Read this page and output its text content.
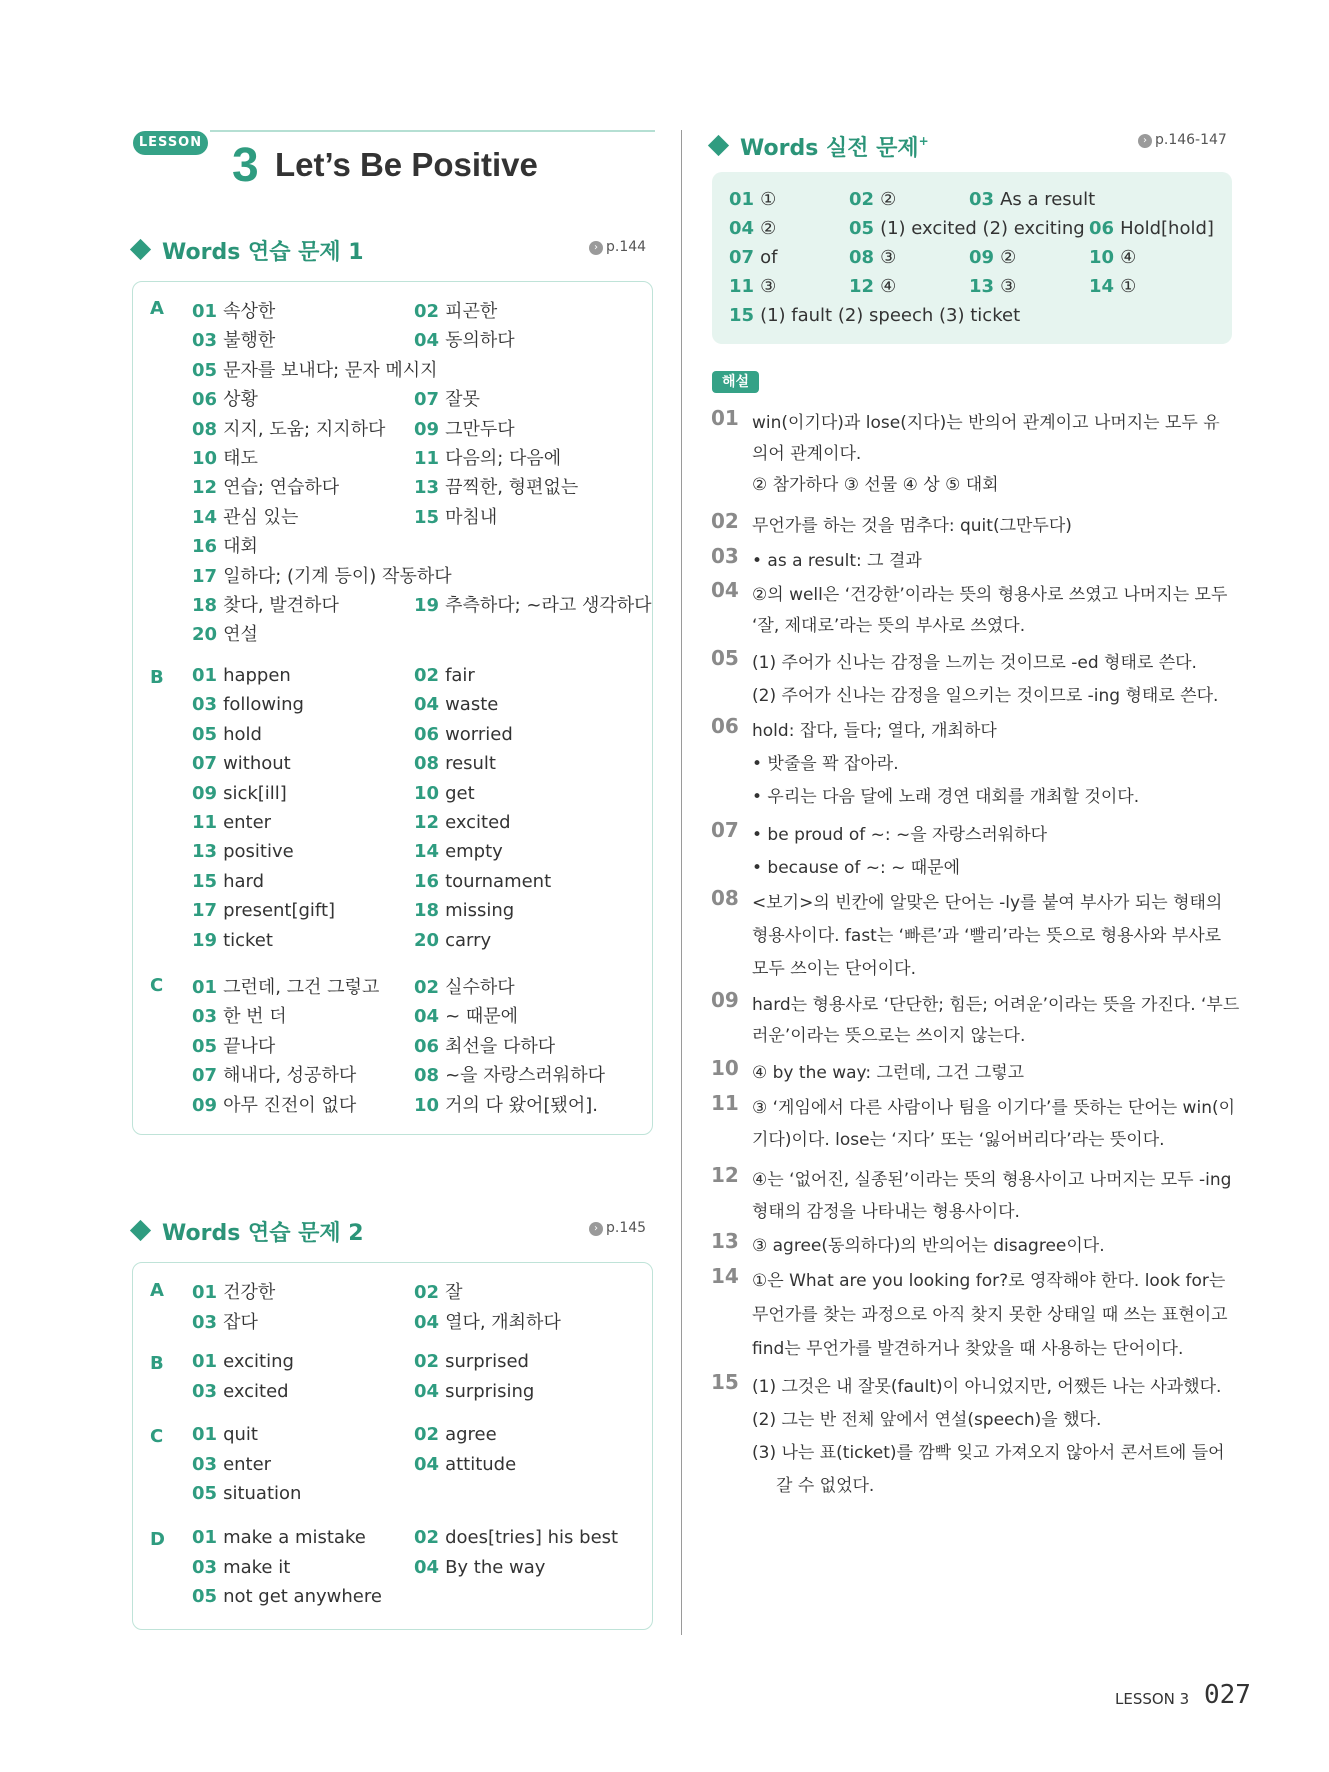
LESSON 3 Let’s Be Positive
Words 연습 문제 1	› p.144
A 01 속상한	02 피곤한
03 불행한	04 동의하다
05 문자를 보내다; 문자 메시지
06 상황	07 잘못
08 지지, 도움; 지지하다 09 그만두다
10 태도	11 다음의; 다음에
12 연습; 연습하다	13 끔찍한, 형편없는
14 관심 있는	15 마침내
16 대회
17 일하다; (기계 등이) 작동하다
18 찾다, 발견하다	19 추측하다; ~라고 생각하다
20 연설
B 01 happen	02 fair
03 following	04 waste
05 hold	06 worried
07 without	08 result
09 sick[ill]	10 get
11 enter	12 excited
13 positive	14 empty
15 hard	16 tournament
17 present[gift]	18 missing
19 ticket	20 carry
C 01 그런데, 그건 그렇고 02 실수하다
03 한 번 더	04 ~ 때문에
05 끝나다	06 최선을 다하다
07 해내다, 성공하다	08 ~을 자랑스러워하다
09 아무 진전이 없다	10 거의 다 왔어[됐어].
Words 연습 문제 2	› p.145
A 01 건강한	02 잘
03 잡다	04 열다, 개최하다
B 01 exciting	02 surprised
03 excited	04 surprising
C 01 quit	02 agree
03 enter	04 attitude
05 situation
D 01 make a mistake	02 does[tries] his best
03 make it	04 By the way
05 not get anywhere
Words 실전 문제+	› p.146-147
01 ①	02 ②	03 As a result
04 ②	05 (1) excited (2) exciting 06 Hold[hold]
07 of	08 ③	09 ②	10 ④
11 ③	12 ④	13 ③	14 ①
15 (1) fault (2) speech (3) ticket
해설
01 win(이기다)과 lose(지다)는 반의어 관계이고 나머지는 모두 유
의어 관계이다.
② 참가하다 ③ 선물 ④ 상 ⑤ 대회
02 무언가를 하는 것을 멈추다: quit(그만두다)
03 • as a result: 그 결과
04 ②의 well은 ‘건강한’이라는 뜻의 형용사로 쓰였고 나머지는 모두
‘잘, 제대로’라는 뜻의 부사로 쓰였다.
05 (1) 주어가 신나는 감정을 느끼는 것이므로 -ed 형태로 쓴다.
(2) 주어가 신나는 감정을 일으키는 것이므로 -ing 형태로 쓴다.
06 hold: 잡다, 들다; 열다, 개최하다
• 밧줄을 꽉 잡아라.
• 우리는 다음 달에 노래 경연 대회를 개최할 것이다.
07 • be proud of ~: ~을 자랑스러워하다
• because of ~: ~ 때문에
08 <보기>의 빈칸에 알맞은 단어는 -ly를 붙여 부사가 되는 형태의
형용사이다. fast는 ‘빠른’과 ‘빨리’라는 뜻으로 형용사와 부사로
모두 쓰이는 단어이다.
09 hard는 형용사로 ‘단단한; 힘든; 어려운’이라는 뜻을 가진다. ‘부드
러운’이라는 뜻으로는 쓰이지 않는다.
10 ④ by the way: 그런데, 그건 그렇고
11 ③ ‘게임에서 다른 사람이나 팀을 이기다’를 뜻하는 단어는 win(이
기다)이다. lose는 ‘지다’ 또는 ‘잃어버리다’라는 뜻이다.
12 ④는 ‘없어진, 실종된’이라는 뜻의 형용사이고 나머지는 모두 -ing
형태의 감정을 나타내는 형용사이다.
13 ③ agree(동의하다)의 반의어는 disagree이다.
14 ①은 What are you looking for?로 영작해야 한다. look for는
무언가를 찾는 과정으로 아직 찾지 못한 상태일 때 쓰는 표현이고
find는 무언가를 발견하거나 찾았을 때 사용하는 단어이다.
15 (1) 그것은 내 잘못(fault)이 아니었지만, 어쨌든 나는 사과했다.
(2) 그는 반 전체 앞에서 연설(speech)을 했다.
(3) 나는 표(ticket)를 깜빡 잊고 가져오지 않아서 콘서트에 들어
갈 수 없었다.
LESSON 3 027
